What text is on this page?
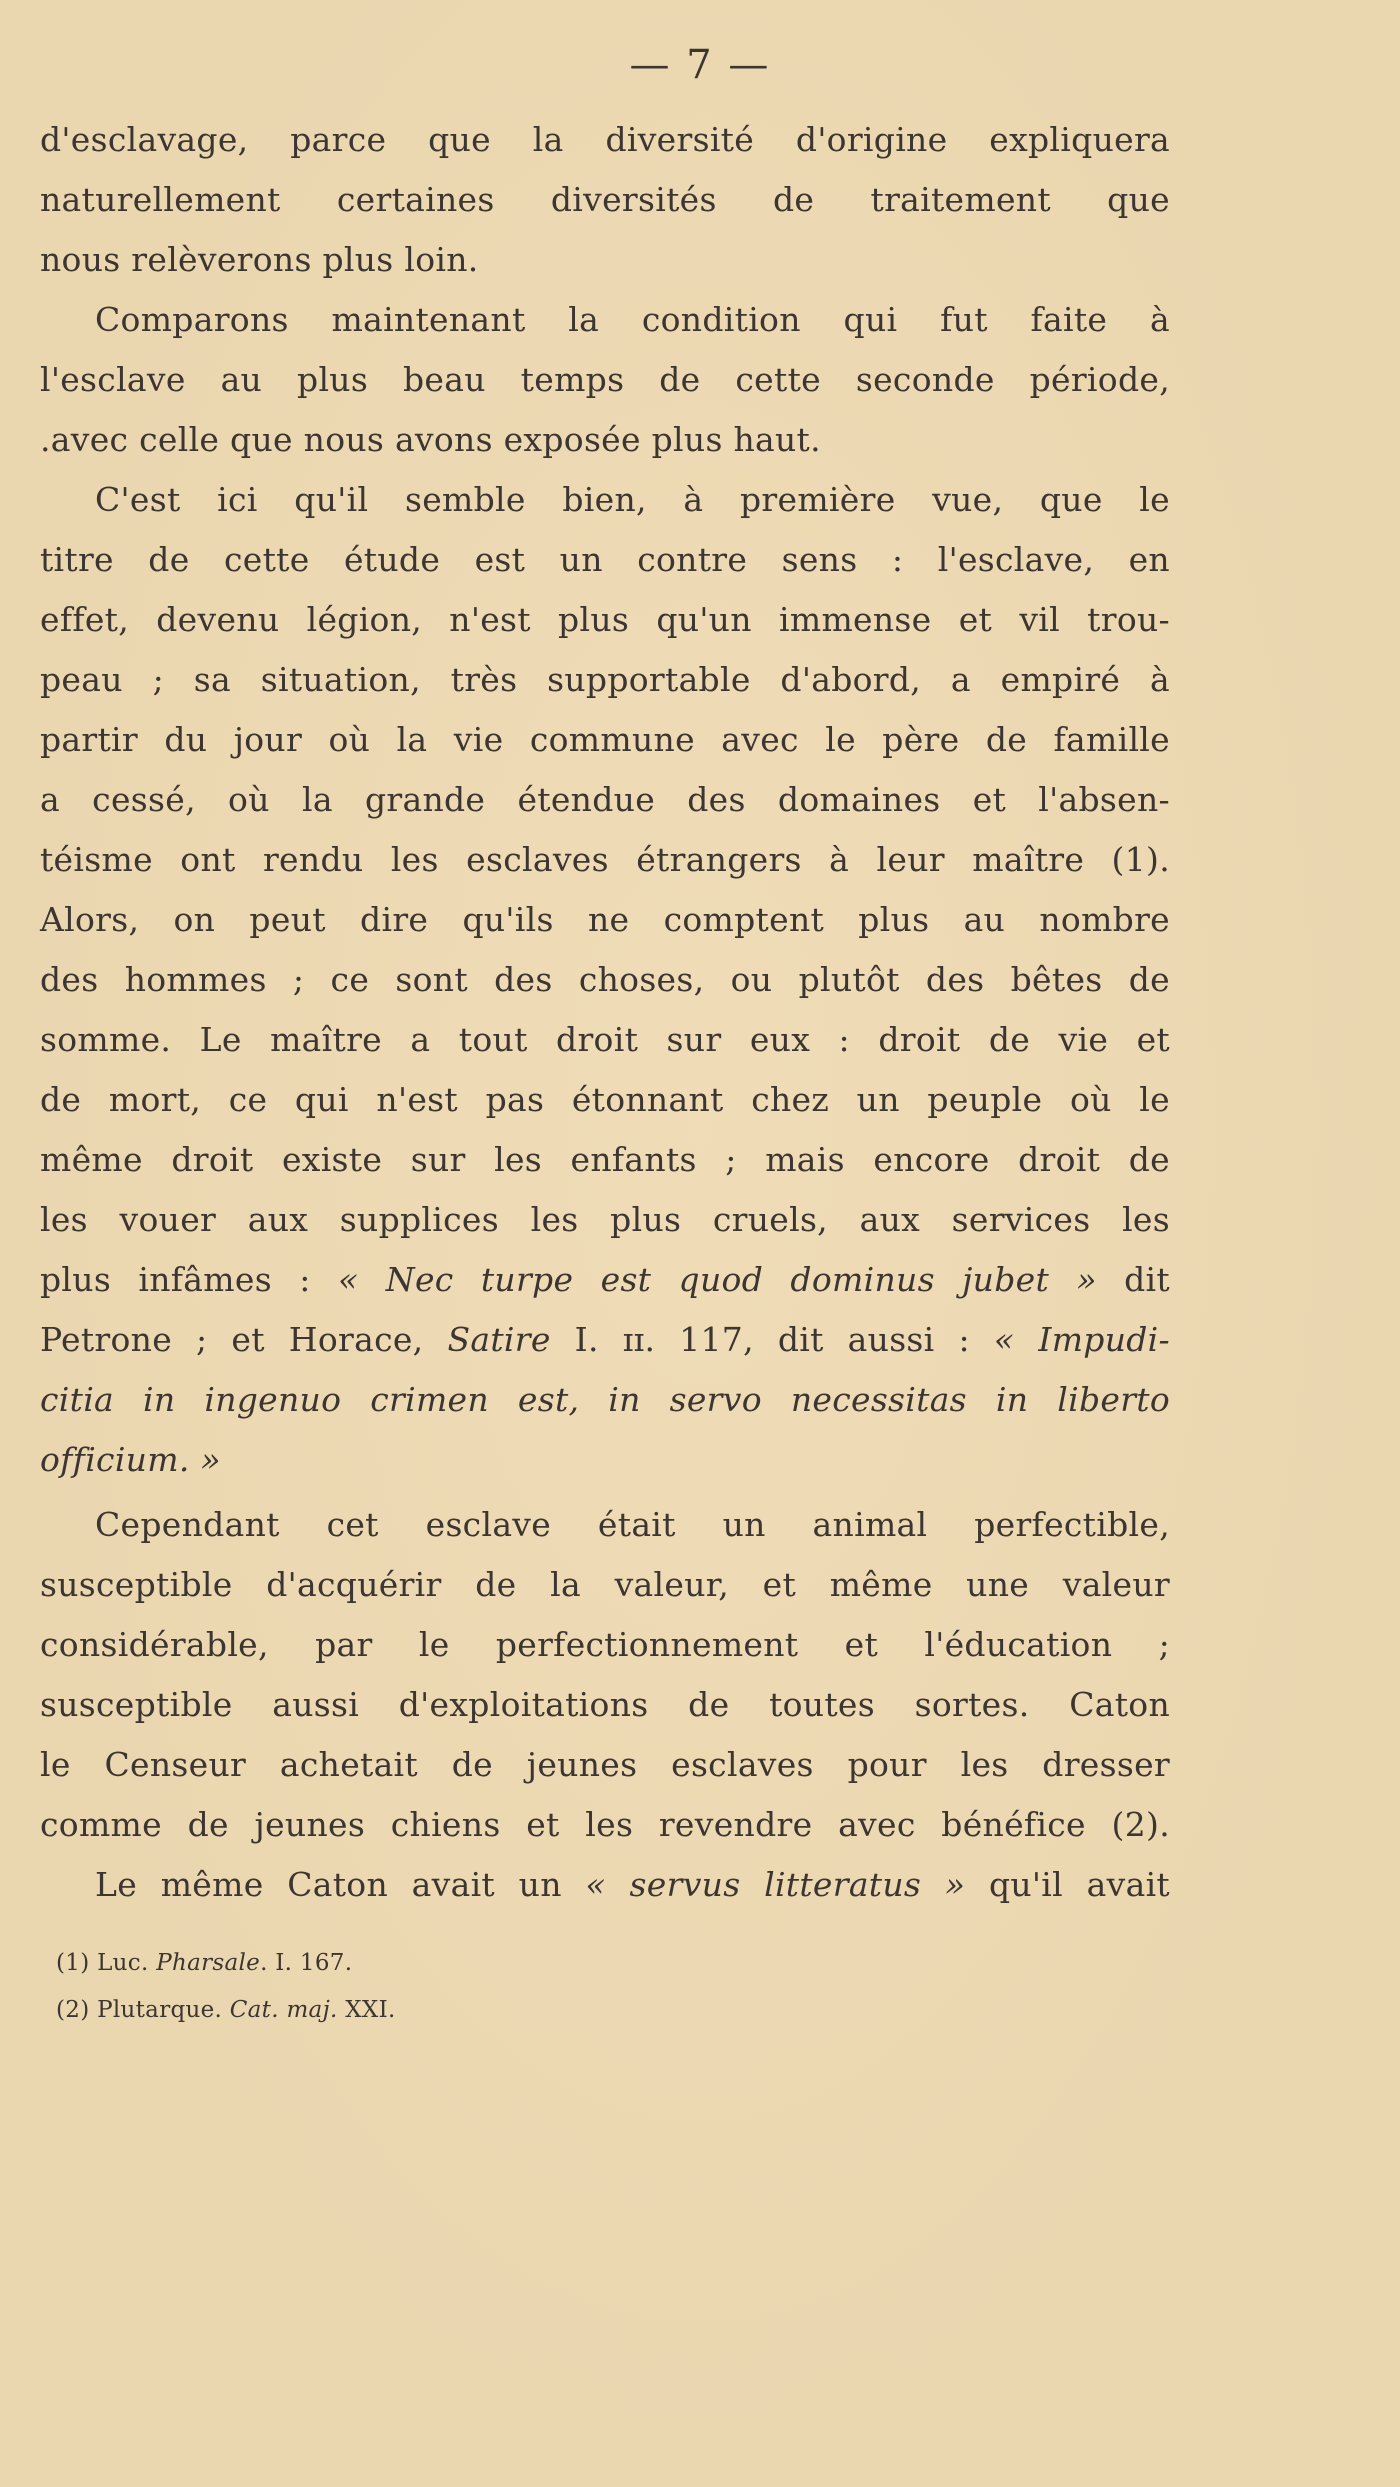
— 7 —
d'esclavage, parce que la diversité d'origine expliquera
naturellement certaines diversités de traitement que
nous relèverons plus loin.
Comparons maintenant la condition qui fut faite à
l'esclave au plus beau temps de cette seconde période,
.avec celle que nous avons exposée plus haut.
C'est ici qu'il semble bien, à première vue, que le
titre de cette étude est un contre sens : l'esclave, en
effet, devenu légion, n'est plus qu'un immense et vil trou-
peau ; sa situation, très supportable d'abord, a empiré à
partir du jour où la vie commune avec le père de famille
a cessé, où la grande étendue des domaines et l'absen-
téisme ont rendu les esclaves étrangers à leur maître (1).
Alors, on peut dire qu'ils ne comptent plus au nombre
des hommes ; ce sont des choses, ou plutôt des bêtes de
somme. Le maître a tout droit sur eux : droit de vie et
de mort, ce qui n'est pas étonnant chez un peuple où le
même droit existe sur les enfants ; mais encore droit de
les vouer aux supplices les plus cruels, aux services les
plus infâmes : « Nec turpe est quod dominus jubet » dit
Petrone ; et Horace, Satire I. ɪɪ. 117, dit aussi : « Impudi-
citia in ingenuo crimen est, in servo necessitas in liberto
officium. »
Cependant cet esclave était un animal perfectible,
susceptible d'acquérir de la valeur, et même une valeur
considérable, par le perfectionnement et l'éducation ;
susceptible aussi d'exploitations de toutes sortes. Caton
le Censeur achetait de jeunes esclaves pour les dresser
comme de jeunes chiens et les revendre avec bénéfice (2).
Le même Caton avait un « servus litteratus » qu'il avait
(1) Luc. Pharsale. I. 167.
(2) Plutarque. Cat. maj. XXI.
